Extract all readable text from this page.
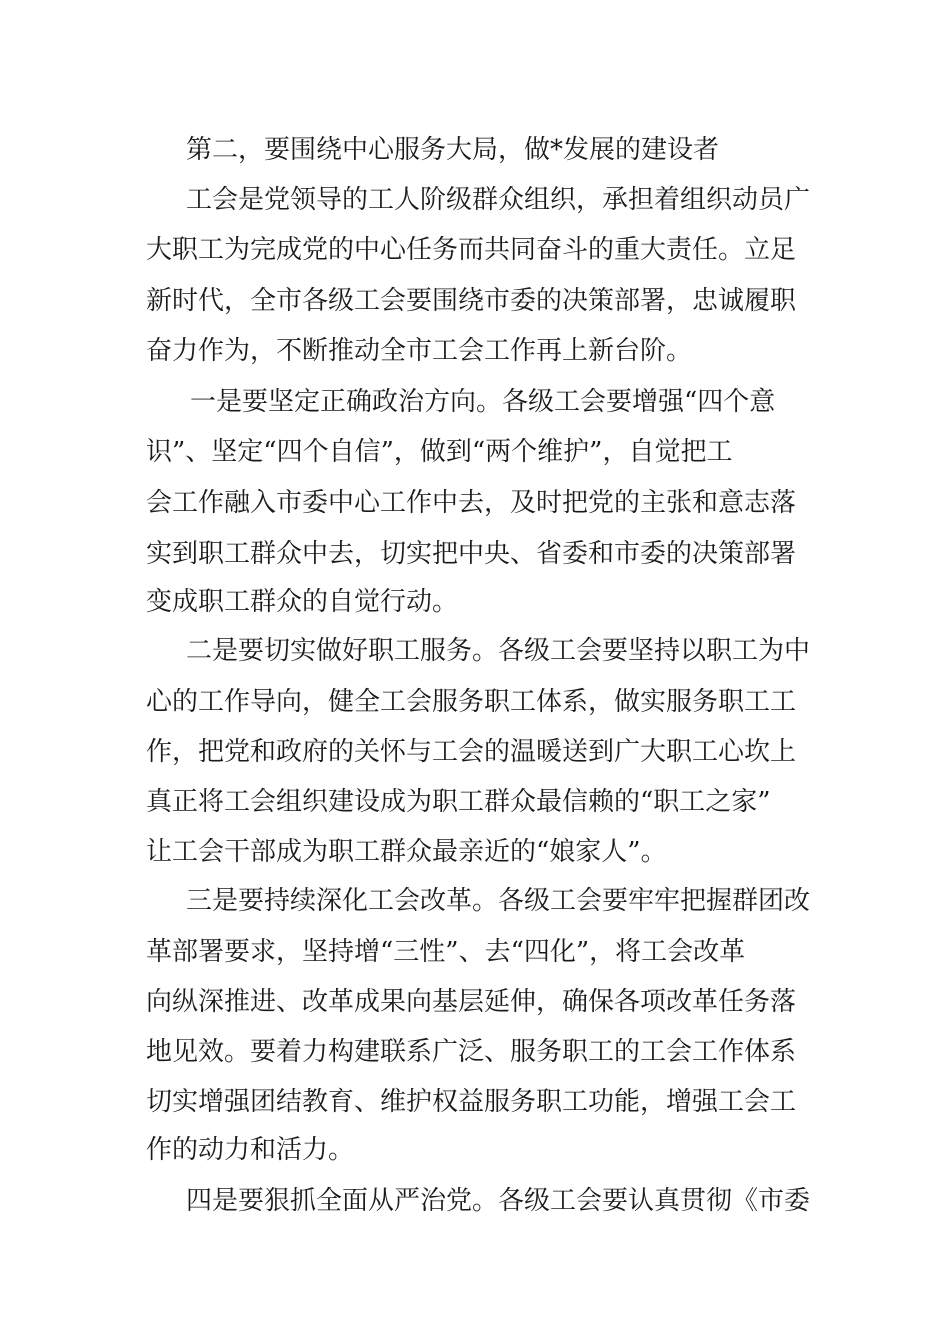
第二，要围绕中心服务大局，做*发展的建设者
工会是党领导的工人阶级群众组织，承担着组织动员广
大职工为完成党的中心任务而共同奋斗的重大责任。立足
新时代，全市各级工会要围绕市委的决策部署，忠诚履职
奋力作为，不断推动全市工会工作再上新台阶。
一是要坚定正确政治方向。各级工会要增强“四个意
识”、坚定“四个自信”，做到“两个维护”，自觉把工
会工作融入市委中心工作中去，及时把党的主张和意志落
实到职工群众中去，切实把中央、省委和市委的决策部署
变成职工群众的自觉行动。
二是要切实做好职工服务。各级工会要坚持以职工为中
心的工作导向，健全工会服务职工体系，做实服务职工工
作，把党和政府的关怀与工会的温暖送到广大职工心坎上
真正将工会组织建设成为职工群众最信赖的“职工之家”
让工会干部成为职工群众最亲近的“娘家人”。
三是要持续深化工会改革。各级工会要牢牢把握群团改
革部署要求，坚持增“三性”、去“四化”，将工会改革
向纵深推进、改革成果向基层延伸，确保各项改革任务落
地见效。要着力构建联系广泛、服务职工的工会工作体系
切实增强团结教育、维护权益服务职工功能，增强工会工
作的动力和活力。
四是要狠抓全面从严治党。各级工会要认真贯彻《市委
